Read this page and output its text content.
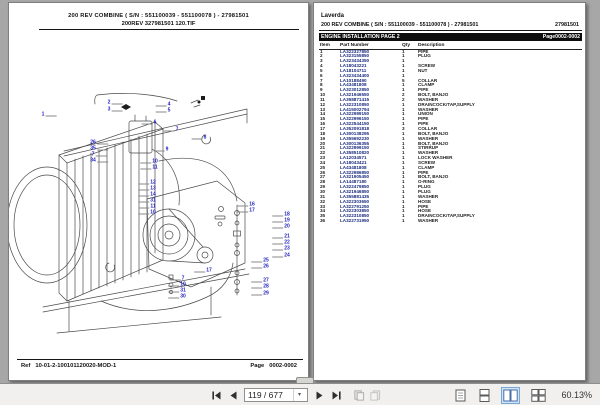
200 REV COMBINE ( S/N : 551100039 - 551100078 ) - 27981501
200REV 327981501 120.TIF
1
2
3
4
5
6
7
8
9
26
35
7
34	10
11
12
13
14
31
11
10
16
17
18
19
20
21
22
23
24
25
26
17
27
28
29
7
10
31
30
Ref 10-01-2-100101120020-MOD-1	Page 0002-0002
Laverda
200 REV COMBINE ( S/N : 551100039 - 551100078 ) - 27981501	27981501
ENGINE INSTALLATION PAGE 2	Page0002-0002
Item	Part Number	Qty	Description
1	LA322327850	1	PIPE
2	LA323155850	1	PLUG
3	LA323434350	1	
4	LA18043221	1	SCREW
5	LA18104711	1	NUT
6	LA323434400	1	
7	LA10188490	5	COLLAR
8	LA43481808	1	CLAMP
9	LA323012850	1	PIPE
10	LA321946550	2	BOLT, BANJO
11	LA358871415	2	WASHER
12	LA322310850	1	DRAINCOCK/TAP,SUPPLY
13	LA415002794	1	WASHER
14	LA322989150	1	UNION
15	LA322996150	1	PIPE
16	LA322544150	1	PIPE
17	LA352091818	3	COLLAR
18	LA300138295	1	BOLT, BANJO
19	LA355692230	1	WASHER
20	LA300136355	1	BOLT, BANJO
21	LA322999150	1	STIRRUP
22	LA358510820	1	WASHER
23	LA12034571	1	LOCK WASHER
24	LA18043421	1	SCREW
25	LA43481808	1	CLAMP
26	LA322986850	1	PIPE
27	LA321905450	1	BOLT, BANJO
28	LA14487180	1	O-RING
29	LA322479850	1	PLUG
30	LA321946850	1	PLUG
31	LA355881435	1	WASHER
32	LA322303650	1	HOSE
33	LA322791250	1	PIPE
34	LA322303850	1	HOSE
35	LA322310850	1	DRAINCOCK/TAP,SUPPLY
36	LA322731950	1	WASHER
119 / 677
▾	60.13%
